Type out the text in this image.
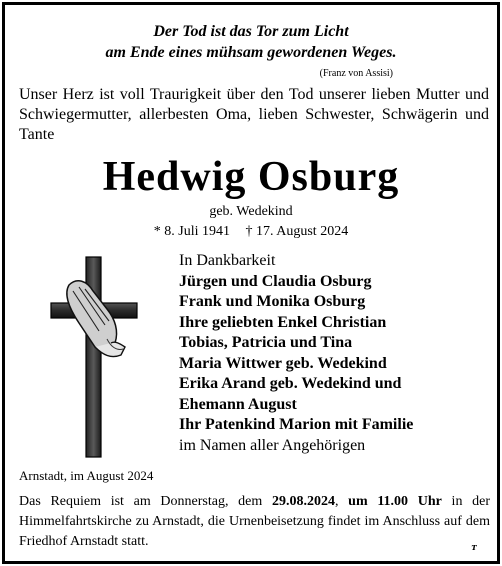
Der Tod ist das Tor zum Licht
am Ende eines mühsam gewordenen Weges.
(Franz von Assisi)
Unser Herz ist voll Traurigkeit über den Tod unserer lieben Mutter und Schwiegermutter, allerbesten Oma, lieben Schwester, Schwägerin und Tante
Hedwig Osburg
geb. Wedekind
* 8. Juli 1941 † 17. August 2024
In Dankbarkeit
Jürgen und Claudia Osburg
Frank und Monika Osburg
Ihre geliebten Enkel Christian
Tobias, Patricia und Tina
Maria Wittwer geb. Wedekind
Erika Arand geb. Wedekind und
Ehemann August
Ihr Patenkind Marion mit Familie
im Namen aller Angehörigen
Arnstadt, im August 2024
Das Requiem ist am Donnerstag, dem 29.08.2024, um 11.00 Uhr in der Himmelfahrtskirche zu Arnstadt, die Urnenbeisetzung findet im Anschluss auf dem Friedhof Arnstadt statt.	ᴛ
